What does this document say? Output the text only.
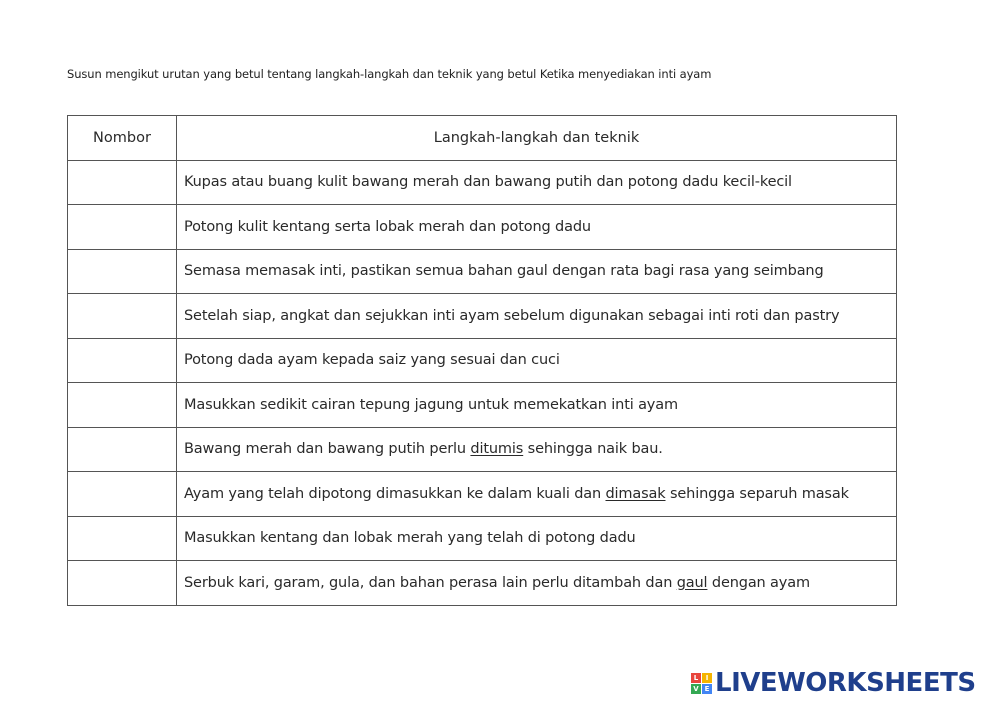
Susun mengikut urutan yang betul tentang langkah-langkah dan teknik yang betul Ketika menyediakan inti ayam
Nombor	Langkah-langkah dan teknik
	Kupas atau buang kulit bawang merah dan bawang putih dan potong dadu kecil-kecil
	Potong kulit kentang serta lobak merah dan potong dadu
	Semasa memasak inti, pastikan semua bahan gaul dengan rata bagi rasa yang seimbang
	Setelah siap, angkat dan sejukkan inti ayam sebelum digunakan sebagai inti roti dan pastry
	Potong dada ayam kepada saiz yang sesuai dan cuci
	Masukkan sedikit cairan tepung jagung untuk memekatkan inti ayam
	Bawang merah dan bawang putih perlu ditumis sehingga naik bau.
	Ayam yang telah dipotong dimasukkan ke dalam kuali dan dimasak sehingga separuh masak
	Masukkan kentang dan lobak merah yang telah di potong dadu
	Serbuk kari, garam, gula, dan bahan perasa lain perlu ditambah dan gaul dengan ayam
L	I
V E LIVEWORKSHEETS
